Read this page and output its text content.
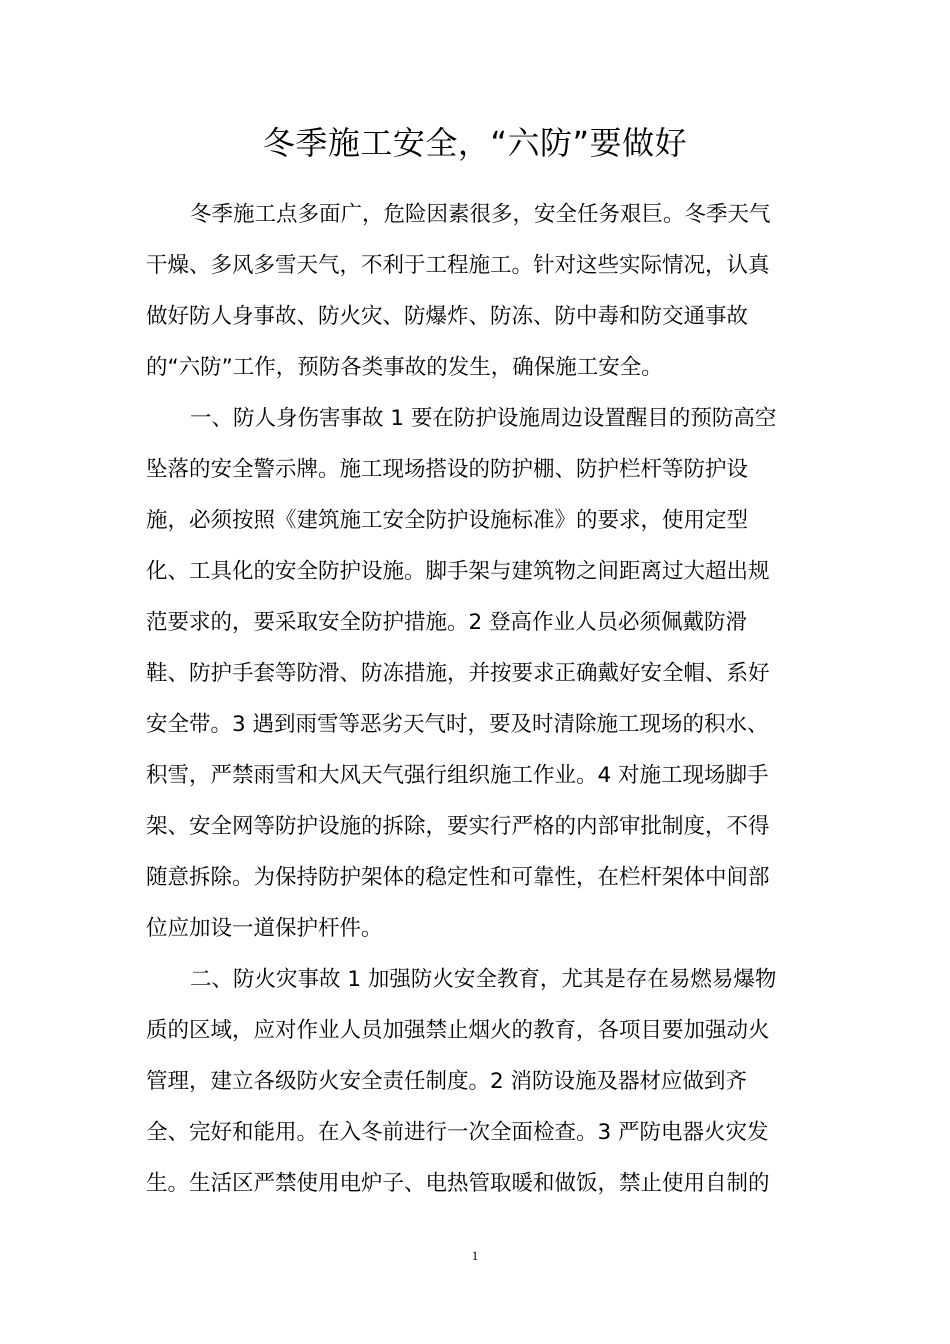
冬季施工安全，“六防”要做好
冬季施工点多面广，危险因素很多，安全任务艰巨。冬季天气
干燥、多风多雪天气，不利于工程施工。针对这些实际情况，认真
做好防人身事故、防火灾、防爆炸、防冻、防中毒和防交通事故
的“六防”工作，预防各类事故的发生，确保施工安全。
一、防人身伤害事故 1 要在防护设施周边设置醒目的预防高空
坠落的安全警示牌。施工现场搭设的防护棚、防护栏杆等防护设
施，必须按照《建筑施工安全防护设施标准》的要求，使用定型
化、工具化的安全防护设施。脚手架与建筑物之间距离过大超出规
范要求的，要采取安全防护措施。2 登高作业人员必须佩戴防滑
鞋、防护手套等防滑、防冻措施，并按要求正确戴好安全帽、系好
安全带。3 遇到雨雪等恶劣天气时，要及时清除施工现场的积水、
积雪，严禁雨雪和大风天气强行组织施工作业。4 对施工现场脚手
架、安全网等防护设施的拆除，要实行严格的内部审批制度，不得
随意拆除。为保持防护架体的稳定性和可靠性，在栏杆架体中间部
位应加设一道保护杆件。
二、防火灾事故 1 加强防火安全教育，尤其是存在易燃易爆物
质的区域，应对作业人员加强禁止烟火的教育，各项目要加强动火
管理，建立各级防火安全责任制度。2 消防设施及器材应做到齐
全、完好和能用。在入冬前进行一次全面检查。3 严防电器火灾发
生。生活区严禁使用电炉子、电热管取暖和做饭，禁止使用自制的
1
